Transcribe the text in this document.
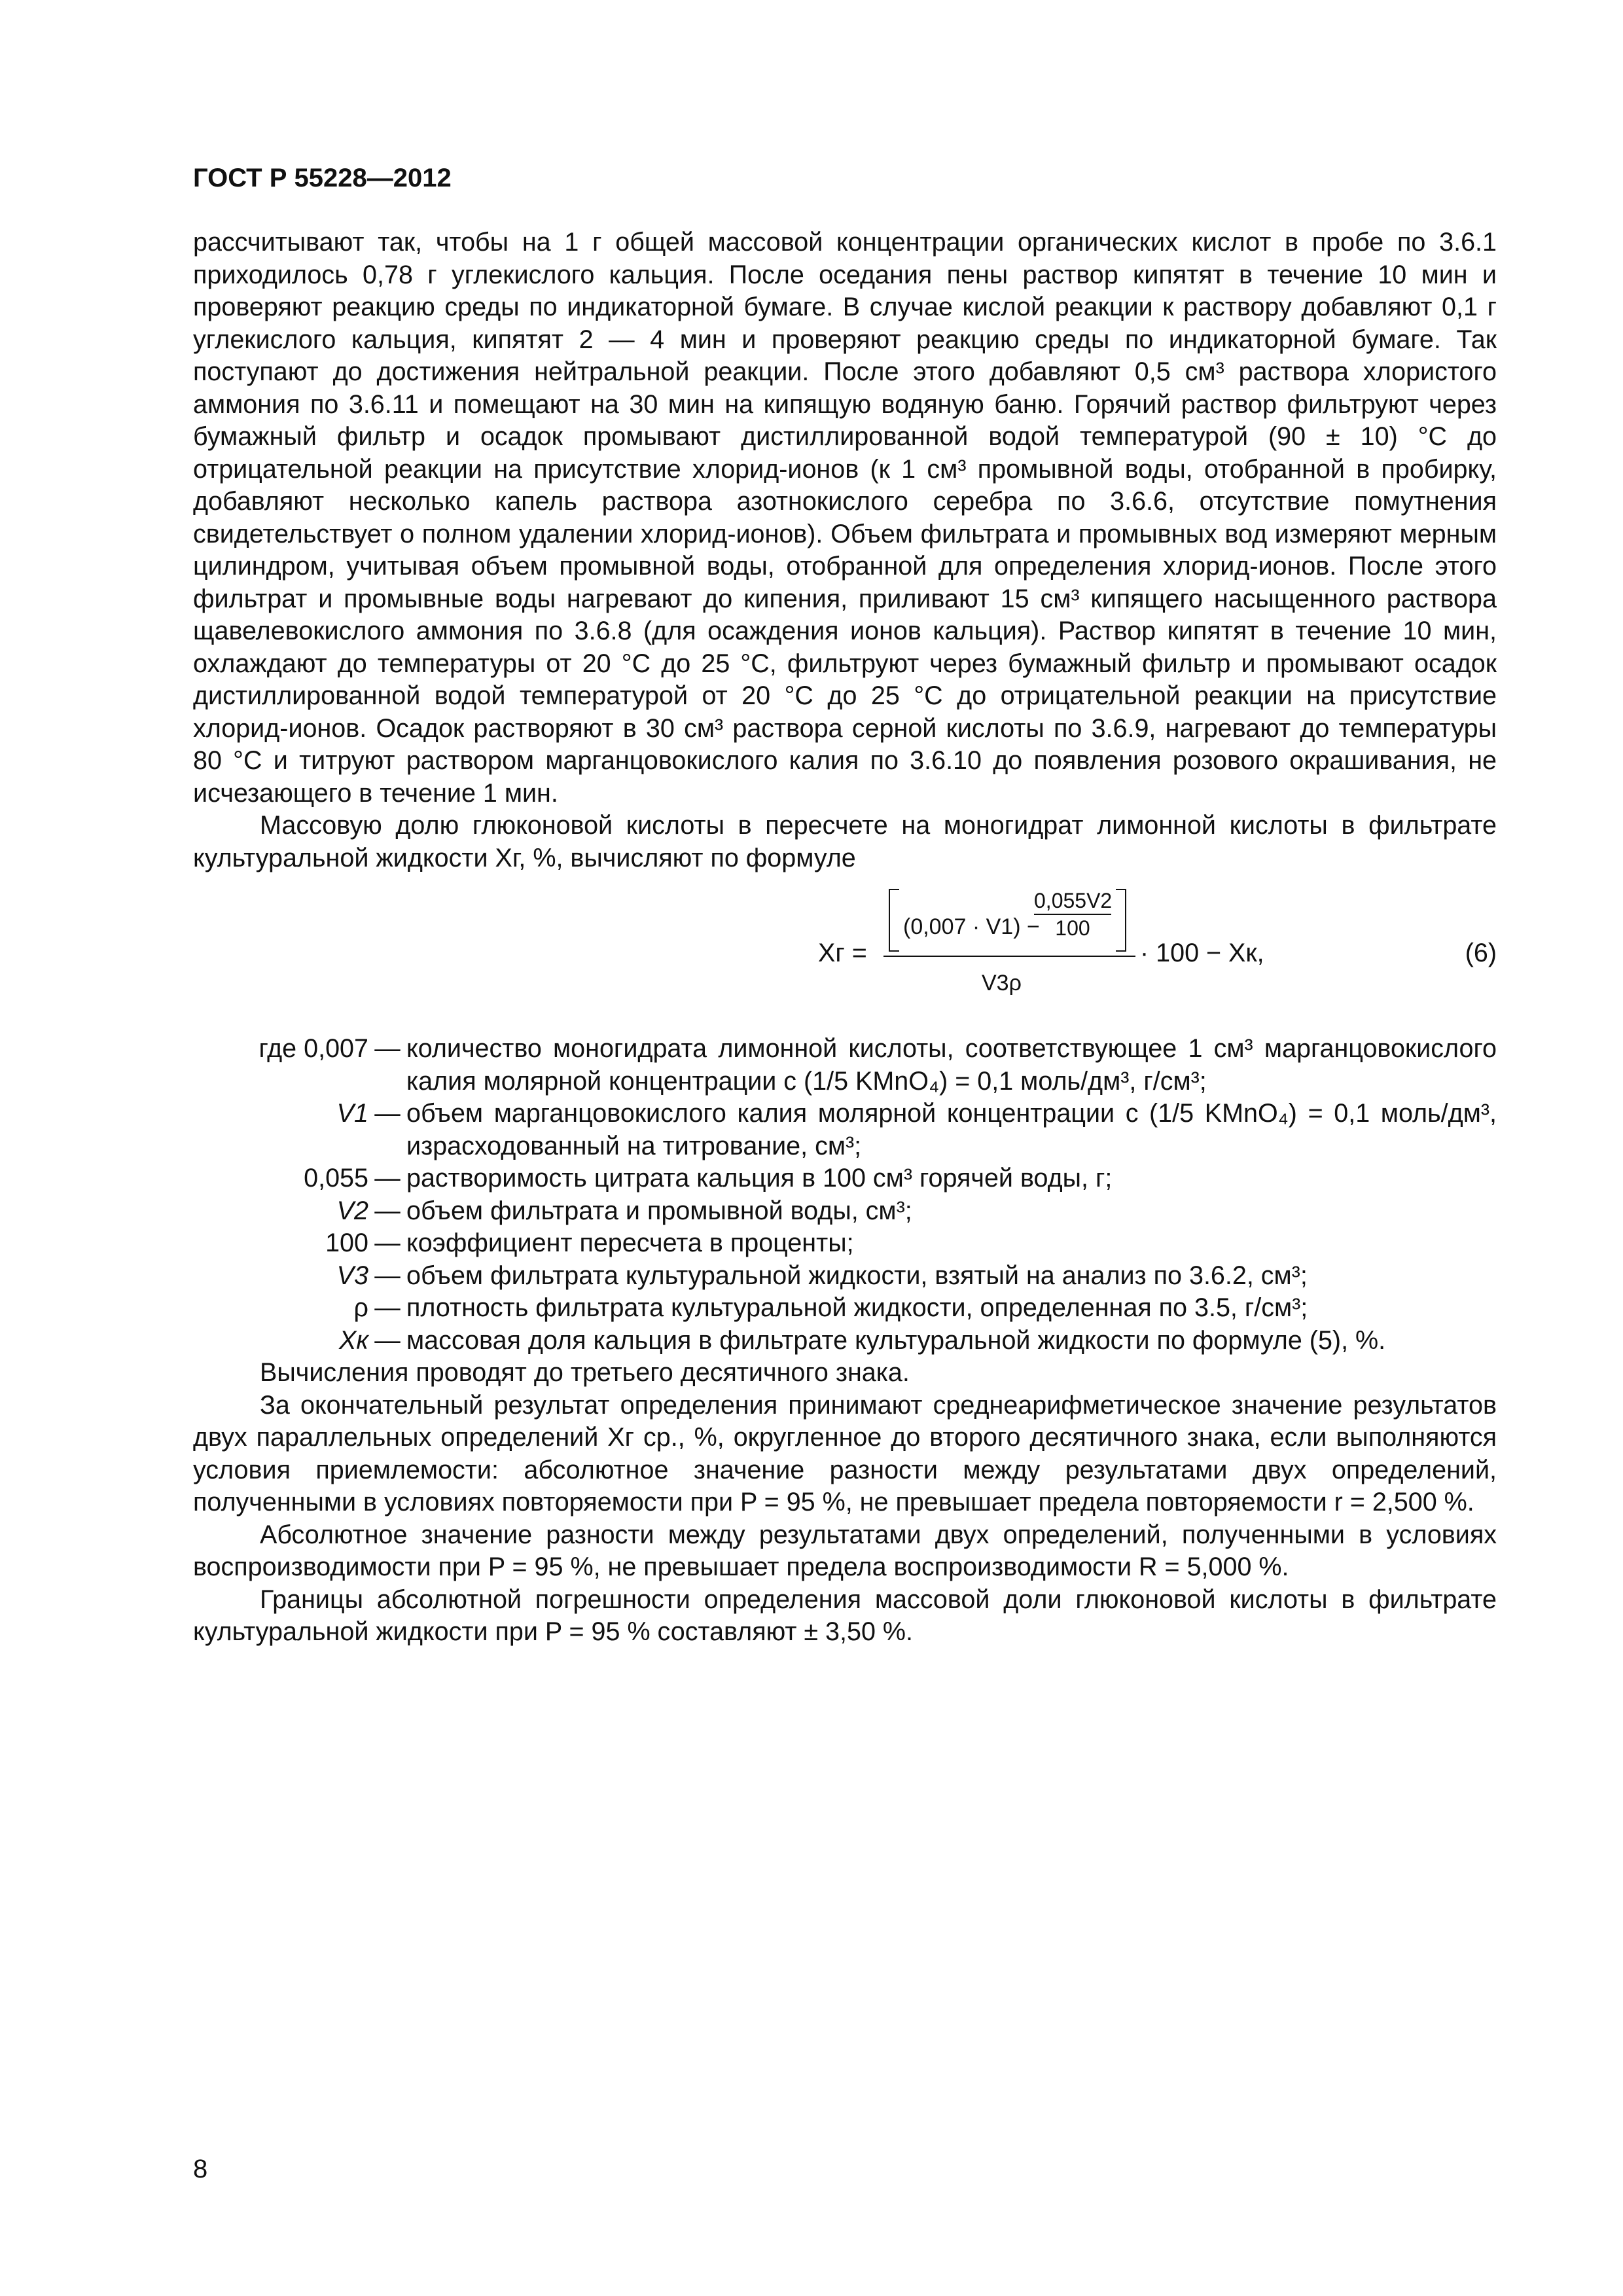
ГОСТ Р 55228—2012

рассчитывают так, чтобы на 1 г общей массовой концентрации органических кислот в пробе по 3.6.1 приходилось 0,78 г углекислого кальция. После оседания пены раствор кипятят в течение 10 мин и проверяют реакцию среды по индикаторной бумаге. В случае кислой реакции к раствору добавляют 0,1 г углекислого кальция, кипятят 2 — 4 мин и проверяют реакцию среды по индикаторной бумаге. Так поступают до достижения нейтральной реакции. После этого добавляют 0,5 см³ раствора хлористого аммония по 3.6.11 и помещают на 30 мин на кипящую водяную баню. Горячий раствор фильтруют через бумажный фильтр и осадок промывают дистиллированной водой температурой (90 ± 10) °С до отрицательной реакции на присутствие хлорид-ионов (к 1 см³ промывной воды, отобранной в пробирку, добавляют несколько капель раствора азотнокислого серебра по 3.6.6, отсутствие помутнения свидетельствует о полном удалении хлорид-ионов). Объем фильтрата и промывных вод измеряют мерным цилиндром, учитывая объем промывной воды, отобранной для определения хлорид-ионов. После этого фильтрат и промывные воды нагревают до кипения, приливают 15 см³ кипящего насыщенного раствора щавелевокислого аммония по 3.6.8 (для осаждения ионов кальция). Раствор кипятят в течение 10 мин, охлаждают до температуры от 20 °С до 25 °С, фильтруют через бумажный фильтр и промывают осадок дистиллированной водой температурой от 20 °С до 25 °С до отрицательной реакции на присутствие хлорид-ионов. Осадок растворяют в 30 см³ раствора серной кислоты по 3.6.9, нагревают до температуры 80 °С и титруют раствором марганцовокислого калия по 3.6.10 до появления розового окрашивания, не исчезающего в течение 1 мин.

Массовую долю глюконовой кислоты в пересчете на моногидрат лимонной кислоты в фильтрате культуральной жидкости Xг, %, вычисляют по формуле

Xг =
(0,007 · V1) −
$\frac{0,055V2}{100}$
V3ρ
· 100 − Xк,	(6)
где 0,007 — количество моногидрата лимонной кислоты, соответствующее 1 см³ марганцовокислого калия молярной концентрации c (1/5 KMnO₄) = 0,1 моль/дм³, г/см³;
V1 — объем марганцовокислого калия молярной концентрации c (1/5 KMnO₄) = 0,1 моль/дм³, израсходованный на титрование, см³;
0,055 — растворимость цитрата кальция в 100 см³ горячей воды, г;
V2 — объем фильтрата и промывной воды, см³;
100 — коэффициент пересчета в проценты;
V3 — объем фильтрата культуральной жидкости, взятый на анализ по 3.6.2, см³;
ρ — плотность фильтрата культуральной жидкости, определенная по 3.5, г/см³;
Xк — массовая доля кальция в фильтрате культуральной жидкости по формуле (5), %.

Вычисления проводят до третьего десятичного знака.

За окончательный результат определения принимают среднеарифметическое значение результатов двух параллельных определений Xг ср., %, округленное до второго десятичного знака, если выполняются условия приемлемости: абсолютное значение разности между результатами двух определений, полученными в условиях повторяемости при P = 95 %, не превышает предела повторяемости r = 2,500 %.

Абсолютное значение разности между результатами двух определений, полученными в условиях воспроизводимости при P = 95 %, не превышает предела воспроизводимости R = 5,000 %.

Границы абсолютной погрешности определения массовой доли глюконовой кислоты в фильтрате культуральной жидкости при P = 95 % составляют ± 3,50 %.

8
